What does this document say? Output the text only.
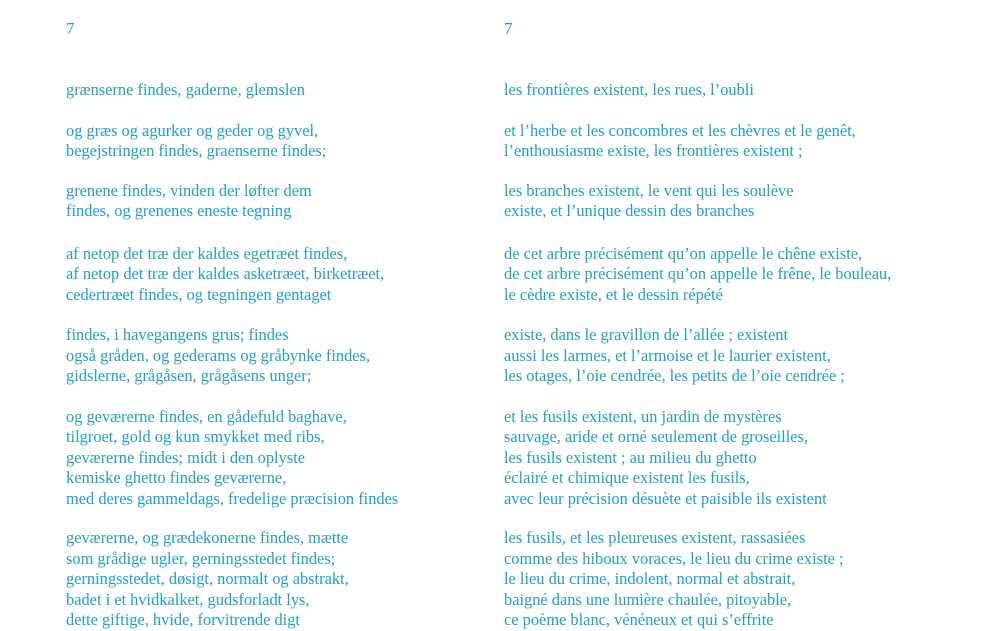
7
grænserne findes, gaderne, glemslen
og græs og agurker og geder og gyvel,
begejstringen findes, graenserne findes;
grenene findes, vinden der løfter dem
findes, og grenenes eneste tegning
af netop det træ der kaldes egetræet findes,
af netop det træ der kaldes asketræet, birketræet,
cedertræet findes, og tegningen gentaget
findes, i havegangens grus; findes
også gråden, og gederams og gråbynke findes,
gidslerne, grågåsen, grågåsens unger;
og geværerne findes, en gådefuld baghave,
tilgroet, gold og kun smykket med ribs,
geværerne findes; midt i den oplyste
kemiske ghetto findes geværerne,
med deres gammeldags, fredelige præcision findes
geværerne, og grædekonerne findes, mætte
som grådige ugler, gerningsstedet findes;
gerningsstedet, døsigt, normalt og abstrakt,
badet i et hvidkalket, gudsforladt lys,
dette giftige, hvide, forvitrende digt
7
les frontières existent, les rues, l’oubli
et l’herbe et les concombres et les chèvres et le genêt,
l’enthousiasme existe, les frontières existent ;
les branches existent, le vent qui les soulève
existe, et l’unique dessin des branches
de cet arbre précisément qu’on appelle le chêne existe,
de cet arbre précisément qu’on appelle le frêne, le bouleau,
le cèdre existe, et le dessin répété
existe, dans le gravillon de l’allée ; existent
aussi les larmes, et l’armoise et le laurier existent,
les otages, l’oie cendrée, les petits de l’oie cendrée ;
et les fusils existent, un jardin de mystères
sauvage, aride et orné seulement de groseilles,
les fusils existent ; au milieu du ghetto
éclairé et chimique existent les fusils,
avec leur précision désuète et paisible ils existent
les fusils, et les pleureuses existent, rassasiées
comme des hiboux voraces, le lieu du crime existe ;
le lieu du crime, indolent, normal et abstrait,
baigné dans une lumière chaulée, pitoyable,
ce poème blanc, vénéneux et qui s’effrite
